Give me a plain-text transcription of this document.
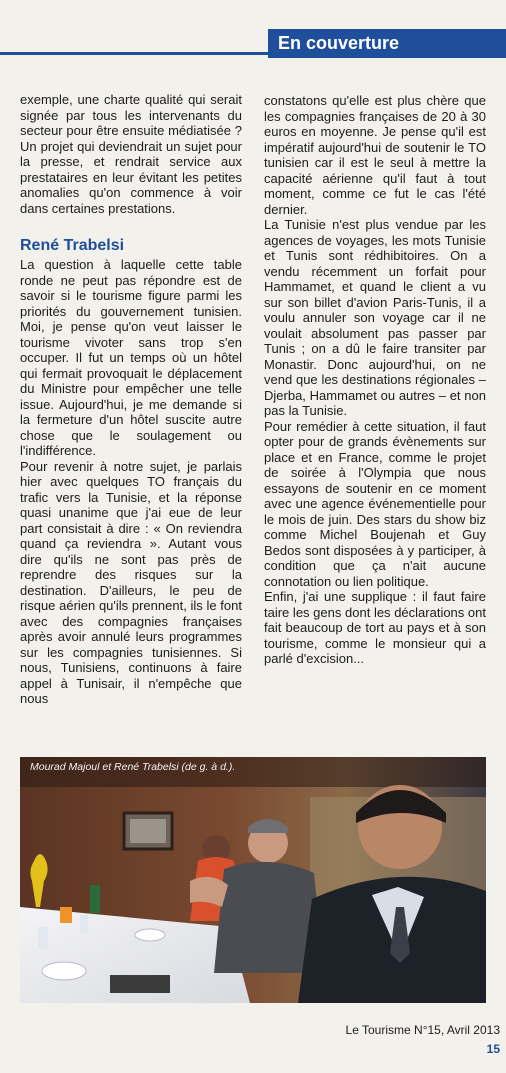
En couverture

exemple, une charte qualité qui serait signée par tous les intervenants du secteur pour être ensuite médiatisée ? Un projet qui deviendrait un sujet pour la presse, et rendrait service aux prestataires en leur évitant les petites anomalies qu'on commence à voir dans certaines prestations.

René Trabelsi

La question à laquelle cette table ronde ne peut pas répondre est de savoir si le tourisme figure parmi les priorités du gouvernement tunisien. Moi, je pense qu'on veut laisser le tourisme vivoter sans trop s'en occuper. Il fut un temps où un hôtel qui fermait provoquait le déplacement du Ministre pour empêcher une telle issue. Aujourd'hui, je me demande si la fermeture d'un hôtel suscite autre chose que le soulagement ou l'indifférence.

Pour revenir à notre sujet, je parlais hier avec quelques TO français du trafic vers la Tunisie, et la réponse quasi unanime que j'ai eue de leur part consistait à dire : « On reviendra quand ça reviendra ». Autant vous dire qu'ils ne sont pas près de reprendre des risques sur la destination. D'ailleurs, le peu de risque aérien qu'ils prennent, ils le font avec des compagnies françaises après avoir annulé leurs programmes sur les compagnies tunisiennes. Si nous, Tunisiens, continuons à faire appel à Tunisair, il n'empêche que nous

constatons qu'elle est plus chère que les compagnies françaises de 20 à 30 euros en moyenne. Je pense qu'il est impératif aujourd'hui de soutenir le TO tunisien car il est le seul à mettre la capacité aérienne qu'il faut à tout moment, comme ce fut le cas l'été dernier.

La Tunisie n'est plus vendue par les agences de voyages, les mots Tunisie et Tunis sont rédhibitoires. On a vendu récemment un forfait pour Hammamet, et quand le client a vu sur son billet d'avion Paris-Tunis, il a voulu annuler son voyage car il ne voulait absolument pas passer par Tunis ; on a dû le faire transiter par Monastir. Donc aujourd'hui, on ne vend que les destinations régionales – Djerba, Hammamet ou autres – et non pas la Tunisie.

Pour remédier à cette situation, il faut opter pour de grands évènements sur place et en France, comme le projet de soirée à l'Olympia que nous essayons de soutenir en ce moment avec une agence événementielle pour le mois de juin. Des stars du show biz comme Michel Boujenah et Guy Bedos sont disposées à y participer, à condition que ça n'ait aucune connotation ou lien politique.

Enfin, j'ai une supplique : il faut faire taire les gens dont les déclarations ont fait beaucoup de tort au pays et à son tourisme, comme le monsieur qui a parlé d'excision...

Mourad Majoul et René Trabelsi (de g. à d.).
Le Tourisme N°15, Avril 2013
15
